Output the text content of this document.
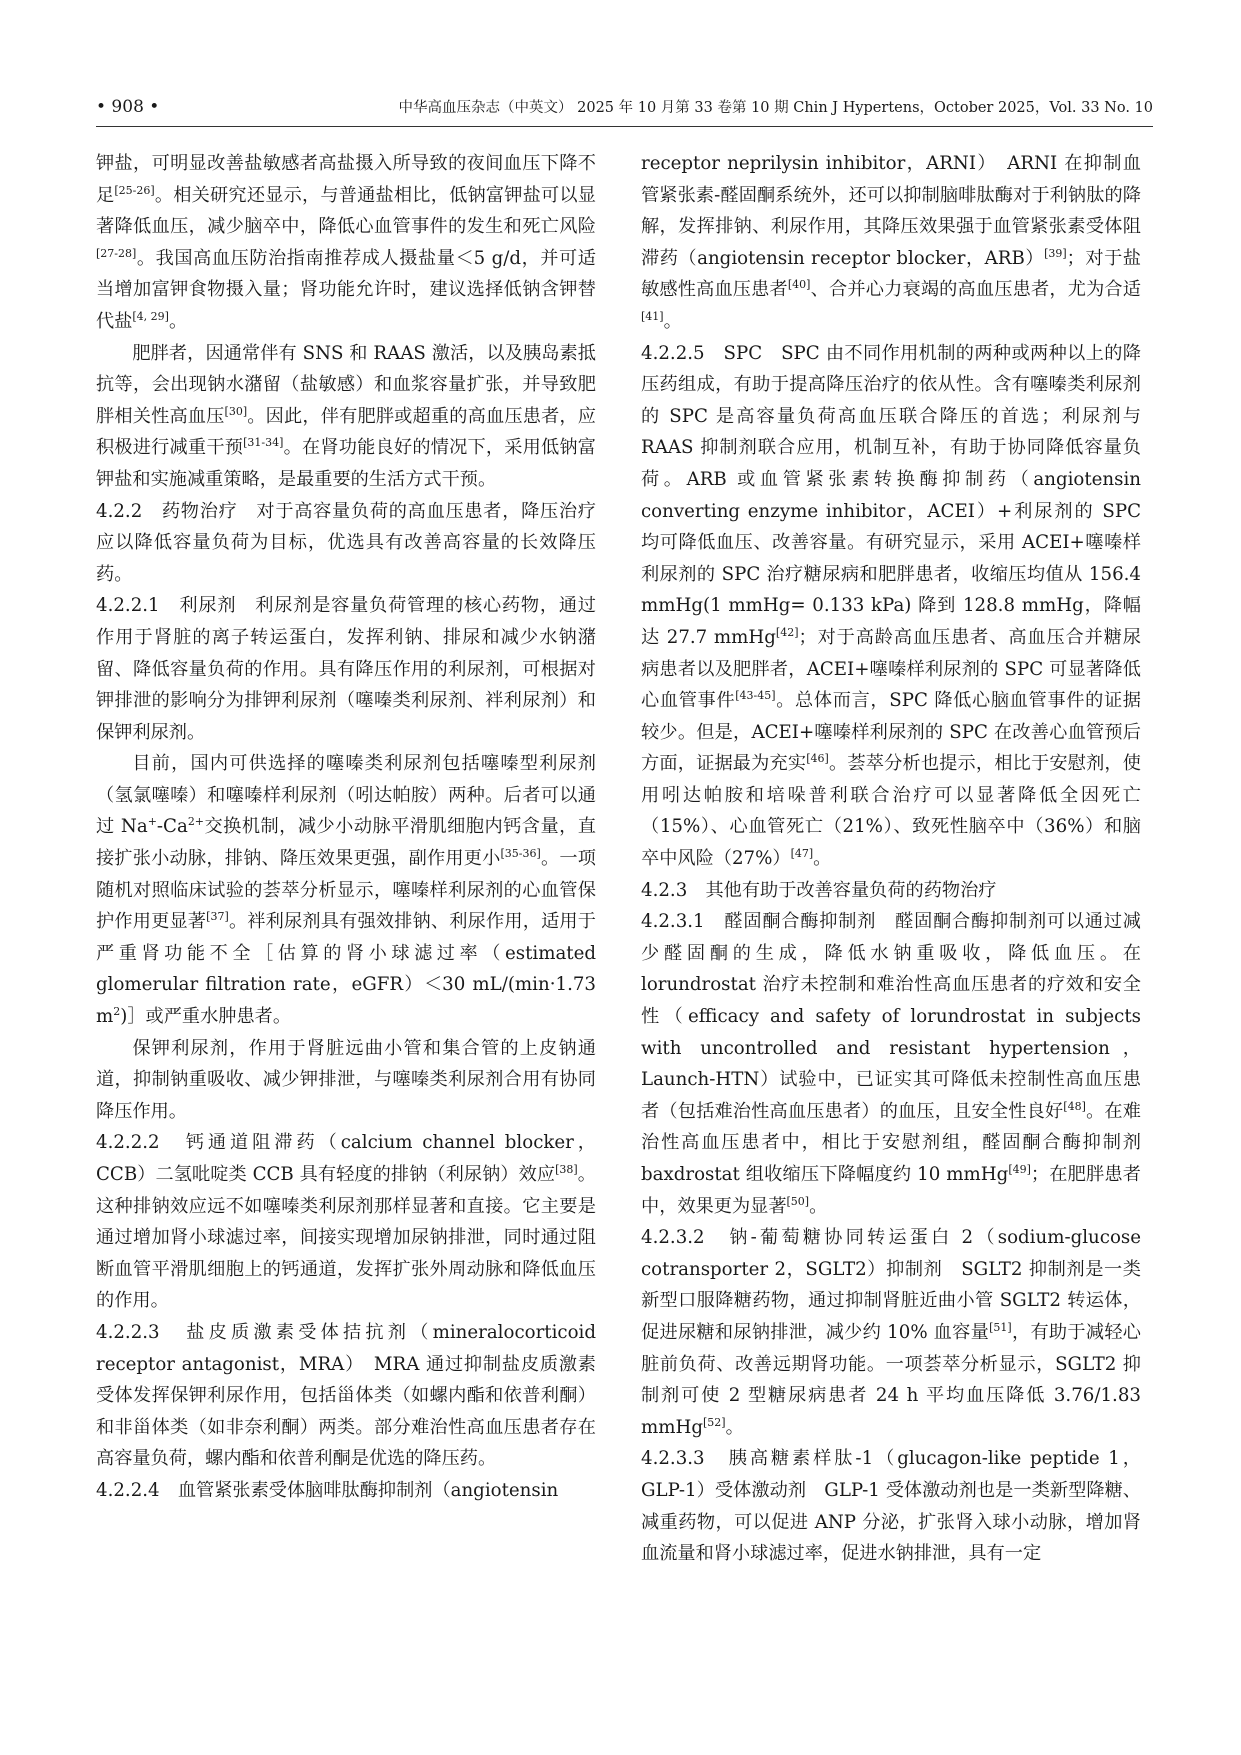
• 908 •	中华高血压杂志（中英文） 2025 年 10 月第 33 卷第 10 期 Chin J Hypertens，October 2025，Vol. 33 No. 10

钾盐，可明显改善盐敏感者高盐摄入所导致的夜间血压下降不足[25-26]。相关研究还显示，与普通盐相比，低钠富钾盐可以显著降低血压，减少脑卒中，降低心血管事件的发生和死亡风险[27-28]。我国高血压防治指南推荐成人摄盐量＜5 g/d，并可适当增加富钾食物摄入量；肾功能允许时，建议选择低钠含钾替代盐[4, 29]。

肥胖者，因通常伴有 SNS 和 RAAS 激活，以及胰岛素抵抗等，会出现钠水潴留（盐敏感）和血浆容量扩张，并导致肥胖相关性高血压[30]。因此，伴有肥胖或超重的高血压患者，应积极进行减重干预[31-34]。在肾功能良好的情况下，采用低钠富钾盐和实施减重策略，是最重要的生活方式干预。

4.2.2　药物治疗　对于高容量负荷的高血压患者，降压治疗应以降低容量负荷为目标，优选具有改善高容量的长效降压药。

4.2.2.1　利尿剂　利尿剂是容量负荷管理的核心药物，通过作用于肾脏的离子转运蛋白，发挥利钠、排尿和减少水钠潴留、降低容量负荷的作用。具有降压作用的利尿剂，可根据对钾排泄的影响分为排钾利尿剂（噻嗪类利尿剂、袢利尿剂）和保钾利尿剂。

目前，国内可供选择的噻嗪类利尿剂包括噻嗪型利尿剂（氢氯噻嗪）和噻嗪样利尿剂（吲达帕胺）两种。后者可以通过 $Na^+-Ca^{2+}$交换机制，减少小动脉平滑肌细胞内钙含量，直接扩张小动脉，排钠、降压效果更强，副作用更小[35-36]。一项随机对照临床试验的荟萃分析显示，噻嗪样利尿剂的心血管保护作用更显著[37]。袢利尿剂具有强效排钠、利尿作用，适用于严重肾功能不全［估算的肾小球滤过率（estimated glomerular filtration rate，eGFR）＜30 mL/(min·1.73 $m^2)]$或严重水肿患者。

保钾利尿剂，作用于肾脏远曲小管和集合管的上皮钠通道，抑制钠重吸收、减少钾排泄，与噻嗪类利尿剂合用有协同降压作用。

4.2.2.2　钙通道阻滞药（calcium channel blocker，CCB）二氢吡啶类 CCB 具有轻度的排钠（利尿钠）效应[38]。这种排钠效应远不如噻嗪类利尿剂那样显著和直接。它主要是通过增加肾小球滤过率，间接实现增加尿钠排泄，同时通过阻断血管平滑肌细胞上的钙通道，发挥扩张外周动脉和降低血压的作用。

4.2.2.3　盐皮质激素受体拮抗剂（mineralocorticoid receptor antagonist，MRA）　MRA 通过抑制盐皮质激素受体发挥保钾利尿作用，包括甾体类（如螺内酯和依普利酮）和非甾体类（如非奈利酮）两类。部分难治性高血压患者存在高容量负荷，螺内酯和依普利酮是优选的降压药。

4.2.2.4　血管紧张素受体脑啡肽酶抑制剂（angiotensin

receptor neprilysin inhibitor，ARNI）　ARNI 在抑制血管紧张素-醛固酮系统外，还可以抑制脑啡肽酶对于利钠肽的降解，发挥排钠、利尿作用，其降压效果强于血管紧张素受体阻滞药（angiotensin receptor blocker，ARB）[39]；对于盐敏感性高血压患者[40]、合并心力衰竭的高血压患者，尤为合适[41]。

4.2.2.5　SPC　SPC 由不同作用机制的两种或两种以上的降压药组成，有助于提高降压治疗的依从性。含有噻嗪类利尿剂的 SPC 是高容量负荷高血压联合降压的首选；利尿剂与 RAAS 抑制剂联合应用，机制互补，有助于协同降低容量负荷。ARB 或血管紧张素转换酶抑制药（angiotensin converting enzyme inhibitor，ACEI）+利尿剂的 SPC 均可降低血压、改善容量。有研究显示，采用 ACEI+噻嗪样利尿剂的 SPC 治疗糖尿病和肥胖患者，收缩压均值从 156.4 mmHg(1 mmHg= 0.133 kPa) 降到 128.8 mmHg，降幅达 27.7 mmHg[42]；对于高龄高血压患者、高血压合并糖尿病患者以及肥胖者，ACEI+噻嗪样利尿剂的 SPC 可显著降低心血管事件[43-45]。总体而言，SPC 降低心脑血管事件的证据较少。但是，ACEI+噻嗪样利尿剂的 SPC 在改善心血管预后方面，证据最为充实[46]。荟萃分析也提示，相比于安慰剂，使用吲达帕胺和培哚普利联合治疗可以显著降低全因死亡（15%）、心血管死亡（21%）、致死性脑卒中（36%）和脑卒中风险（27%）[47]。

4.2.3　其他有助于改善容量负荷的药物治疗

4.2.3.1　醛固酮合酶抑制剂　醛固酮合酶抑制剂可以通过减少醛固酮的生成，降低水钠重吸收，降低血压。在 lorundrostat 治疗未控制和难治性高血压患者的疗效和安全性（efficacy and safety of lorundrostat in subjects with uncontrolled and resistant hypertension，Launch-HTN）试验中，已证实其可降低未控制性高血压患者（包括难治性高血压患者）的血压，且安全性良好[48]。在难治性高血压患者中，相比于安慰剂组，醛固酮合酶抑制剂 baxdrostat 组收缩压下降幅度约 10 mmHg[49]；在肥胖患者中，效果更为显著[50]。

4.2.3.2　钠-葡萄糖协同转运蛋白 2（sodium-glucose cotransporter 2，SGLT2）抑制剂　SGLT2 抑制剂是一类新型口服降糖药物，通过抑制肾脏近曲小管 SGLT2 转运体，促进尿糖和尿钠排泄，减少约 10% 血容量[51]，有助于减轻心脏前负荷、改善远期肾功能。一项荟萃分析显示，SGLT2 抑制剂可使 2 型糖尿病患者 24 h 平均血压降低 3.76/1.83 mmHg[52]。

4.2.3.3　胰高糖素样肽-1（glucagon-like peptide 1，GLP-1）受体激动剂　GLP-1 受体激动剂也是一类新型降糖、减重药物，可以促进 ANP 分泌，扩张肾入球小动脉，增加肾血流量和肾小球滤过率，促进水钠排泄，具有一定
